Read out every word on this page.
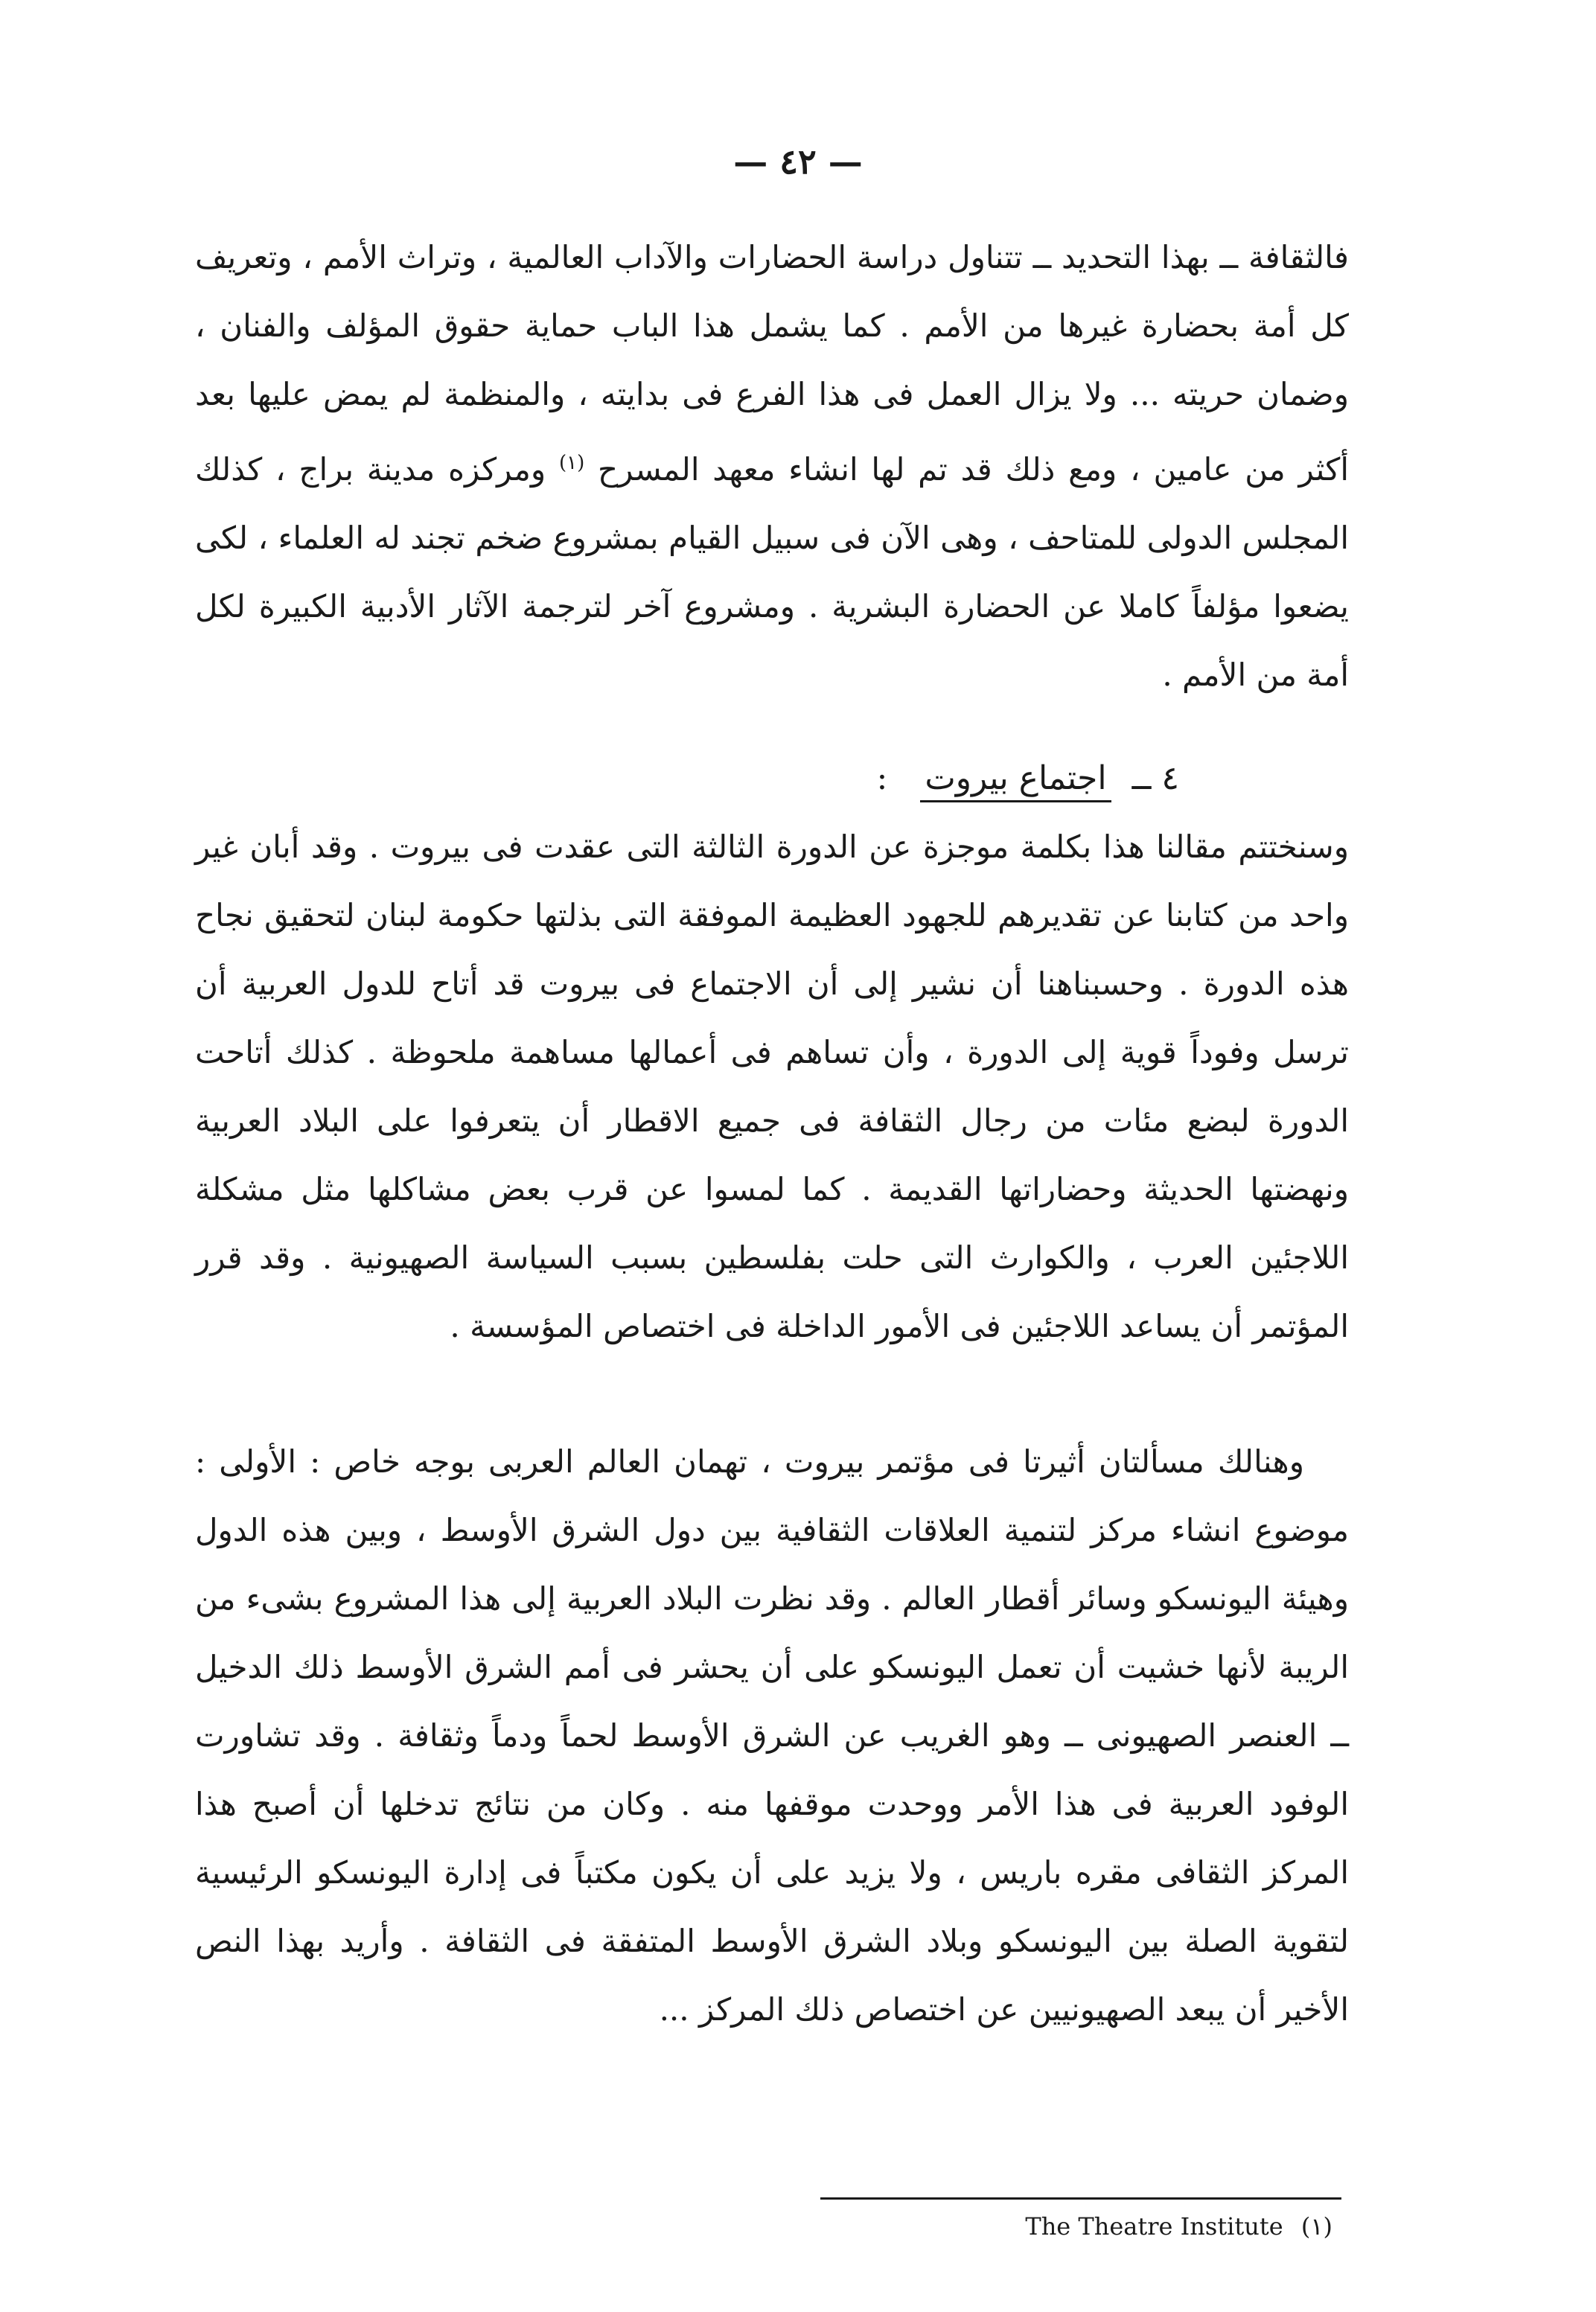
— ٤٢ —

فالثقافة ــ بهذا التحديد ــ تتناول دراسة الحضارات والآداب العالمية ، وتراث الأمم ، وتعريف كل أمة بحضارة غيرها من الأمم . كما يشمل هذا الباب حماية حقوق المؤلف والفنان ، وضمان حريته ... ولا يزال العمل فى هذا الفرع فى بدايته ، والمنظمة لم يمض عليها بعد أكثر من عامين ، ومع ذلك قد تم لها انشاء معهد المسرح $^{(١)}$ ومركزه مدينة براج ، كذلك المجلس الدولى للمتاحف ، وهى الآن فى سبيل القيام بمشروع ضخم تجند له العلماء ، لكى يضعوا مؤلفاً كاملا عن الحضارة البشرية . ومشروع آخر لترجمة الآثار الأدبية الكبيرة لكل أمة من الأمم .

٤ ــ اجتماع بيروت :

وسنختتم مقالنا هذا بكلمة موجزة عن الدورة الثالثة التى عقدت فى بيروت . وقد أبان غير واحد من كتابنا عن تقديرهم للجهود العظيمة الموفقة التى بذلتها حكومة لبنان لتحقيق نجاح هذه الدورة . وحسبناهنا أن نشير إلى أن الاجتماع فى بيروت قد أتاح للدول العربية أن ترسل وفوداً قوية إلى الدورة ، وأن تساهم فى أعمالها مساهمة ملحوظة . كذلك أتاحت الدورة لبضع مئات من رجال الثقافة فى جميع الاقطار أن يتعرفوا على البلاد العربية ونهضتها الحديثة وحضاراتها القديمة . كما لمسوا عن قرب بعض مشاكلها مثل مشكلة اللاجئين العرب ، والكوارث التى حلت بفلسطين بسبب السياسة الصهيونية . وقد قرر المؤتمر أن يساعد اللاجئين فى الأمور الداخلة فى اختصاص المؤسسة .

وهنالك مسألتان أثيرتا فى مؤتمر بيروت ، تهمان العالم العربى بوجه خاص : الأولى : موضوع انشاء مركز لتنمية العلاقات الثقافية بين دول الشرق الأوسط ، وبين هذه الدول وهيئة اليونسكو وسائر أقطار العالم . وقد نظرت البلاد العربية إلى هذا المشروع بشىء من الريبة لأنها خشيت أن تعمل اليونسكو على أن يحشر فى أمم الشرق الأوسط ذلك الدخيل ــ العنصر الصهيونى ــ وهو الغريب عن الشرق الأوسط لحماً ودماً وثقافة . وقد تشاورت الوفود العربية فى هذا الأمر ووحدت موقفها منه . وكان من نتائج تدخلها أن أصبح هذا المركز الثقافى مقره باريس ، ولا يزيد على أن يكون مكتباً فى إدارة اليونسكو الرئيسية لتقوية الصلة بين اليونسكو وبلاد الشرق الأوسط المتفقة فى الثقافة . وأريد بهذا النص الأخير أن يبعد الصهيونيين عن اختصاص ذلك المركز ...

(١) The Theatre Institute
